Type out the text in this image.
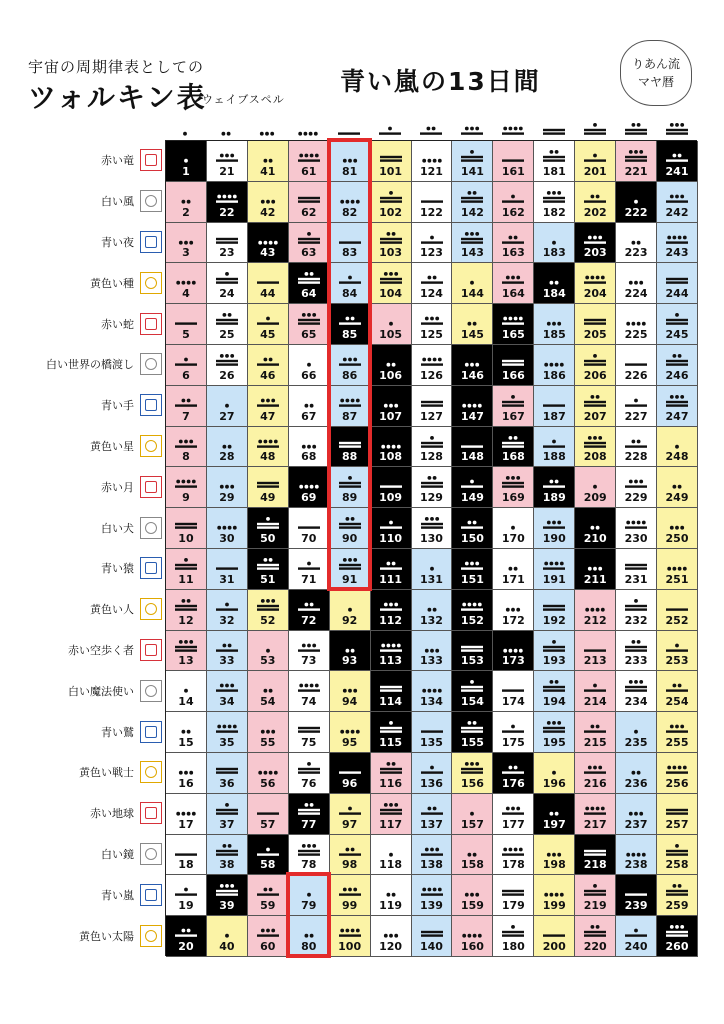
宇宙の周期律表としての
ツォルキン表
ウェイブスペル
青い嵐の13日間
りあん流
マヤ暦
赤い竜
白い風
青い夜
黄色い種
赤い蛇
白い世界の橋渡し
青い手
黄色い星
赤い月
白い犬
青い猿
黄色い人
赤い空歩く者
白い魔法使い
青い鷲
黄色い戦士
赤い地球
白い鏡
青い嵐
黄色い太陽
1
2
3
4
5
6
7
8
9
10
11
12
13
14
15
16
17
18
19
20
21
22
23
24
25
26
27
28
29
30
31
32
33
34
35
36
37
38
39
40
41
42
43
44
45
46
47
48
49
50
51
52
53
54
55
56
57
58
59
60
61
62
63
64
65
66
67
68
69
70
71
72
73
74
75
76
77
78
79
80
81
82
83
84
85
86
87
88
89
90
91
92
93
94
95
96
97
98
99
100
101
102
103
104
105
106
107
108
109
110
111
112
113
114
115
116
117
118
119
120
121
122
123
124
125
126
127
128
129
130
131
132
133
134
135
136
137
138
139
140
141
142
143
144
145
146
147
148
149
150
151
152
153
154
155
156
157
158
159
160
161
162
163
164
165
166
167
168
169
170
171
172
173
174
175
176
177
178
179
180
181
182
183
184
185
186
187
188
189
190
191
192
193
194
195
196
197
198
199
200
201
202
203
204
205
206
207
208
209
210
211
212
213
214
215
216
217
218
219
220
221
222
223
224
225
226
227
228
229
230
231
232
233
234
235
236
237
238
239
240
241
242
243
244
245
246
247
248
249
250
251
252
253
254
255
256
257
258
259
260
